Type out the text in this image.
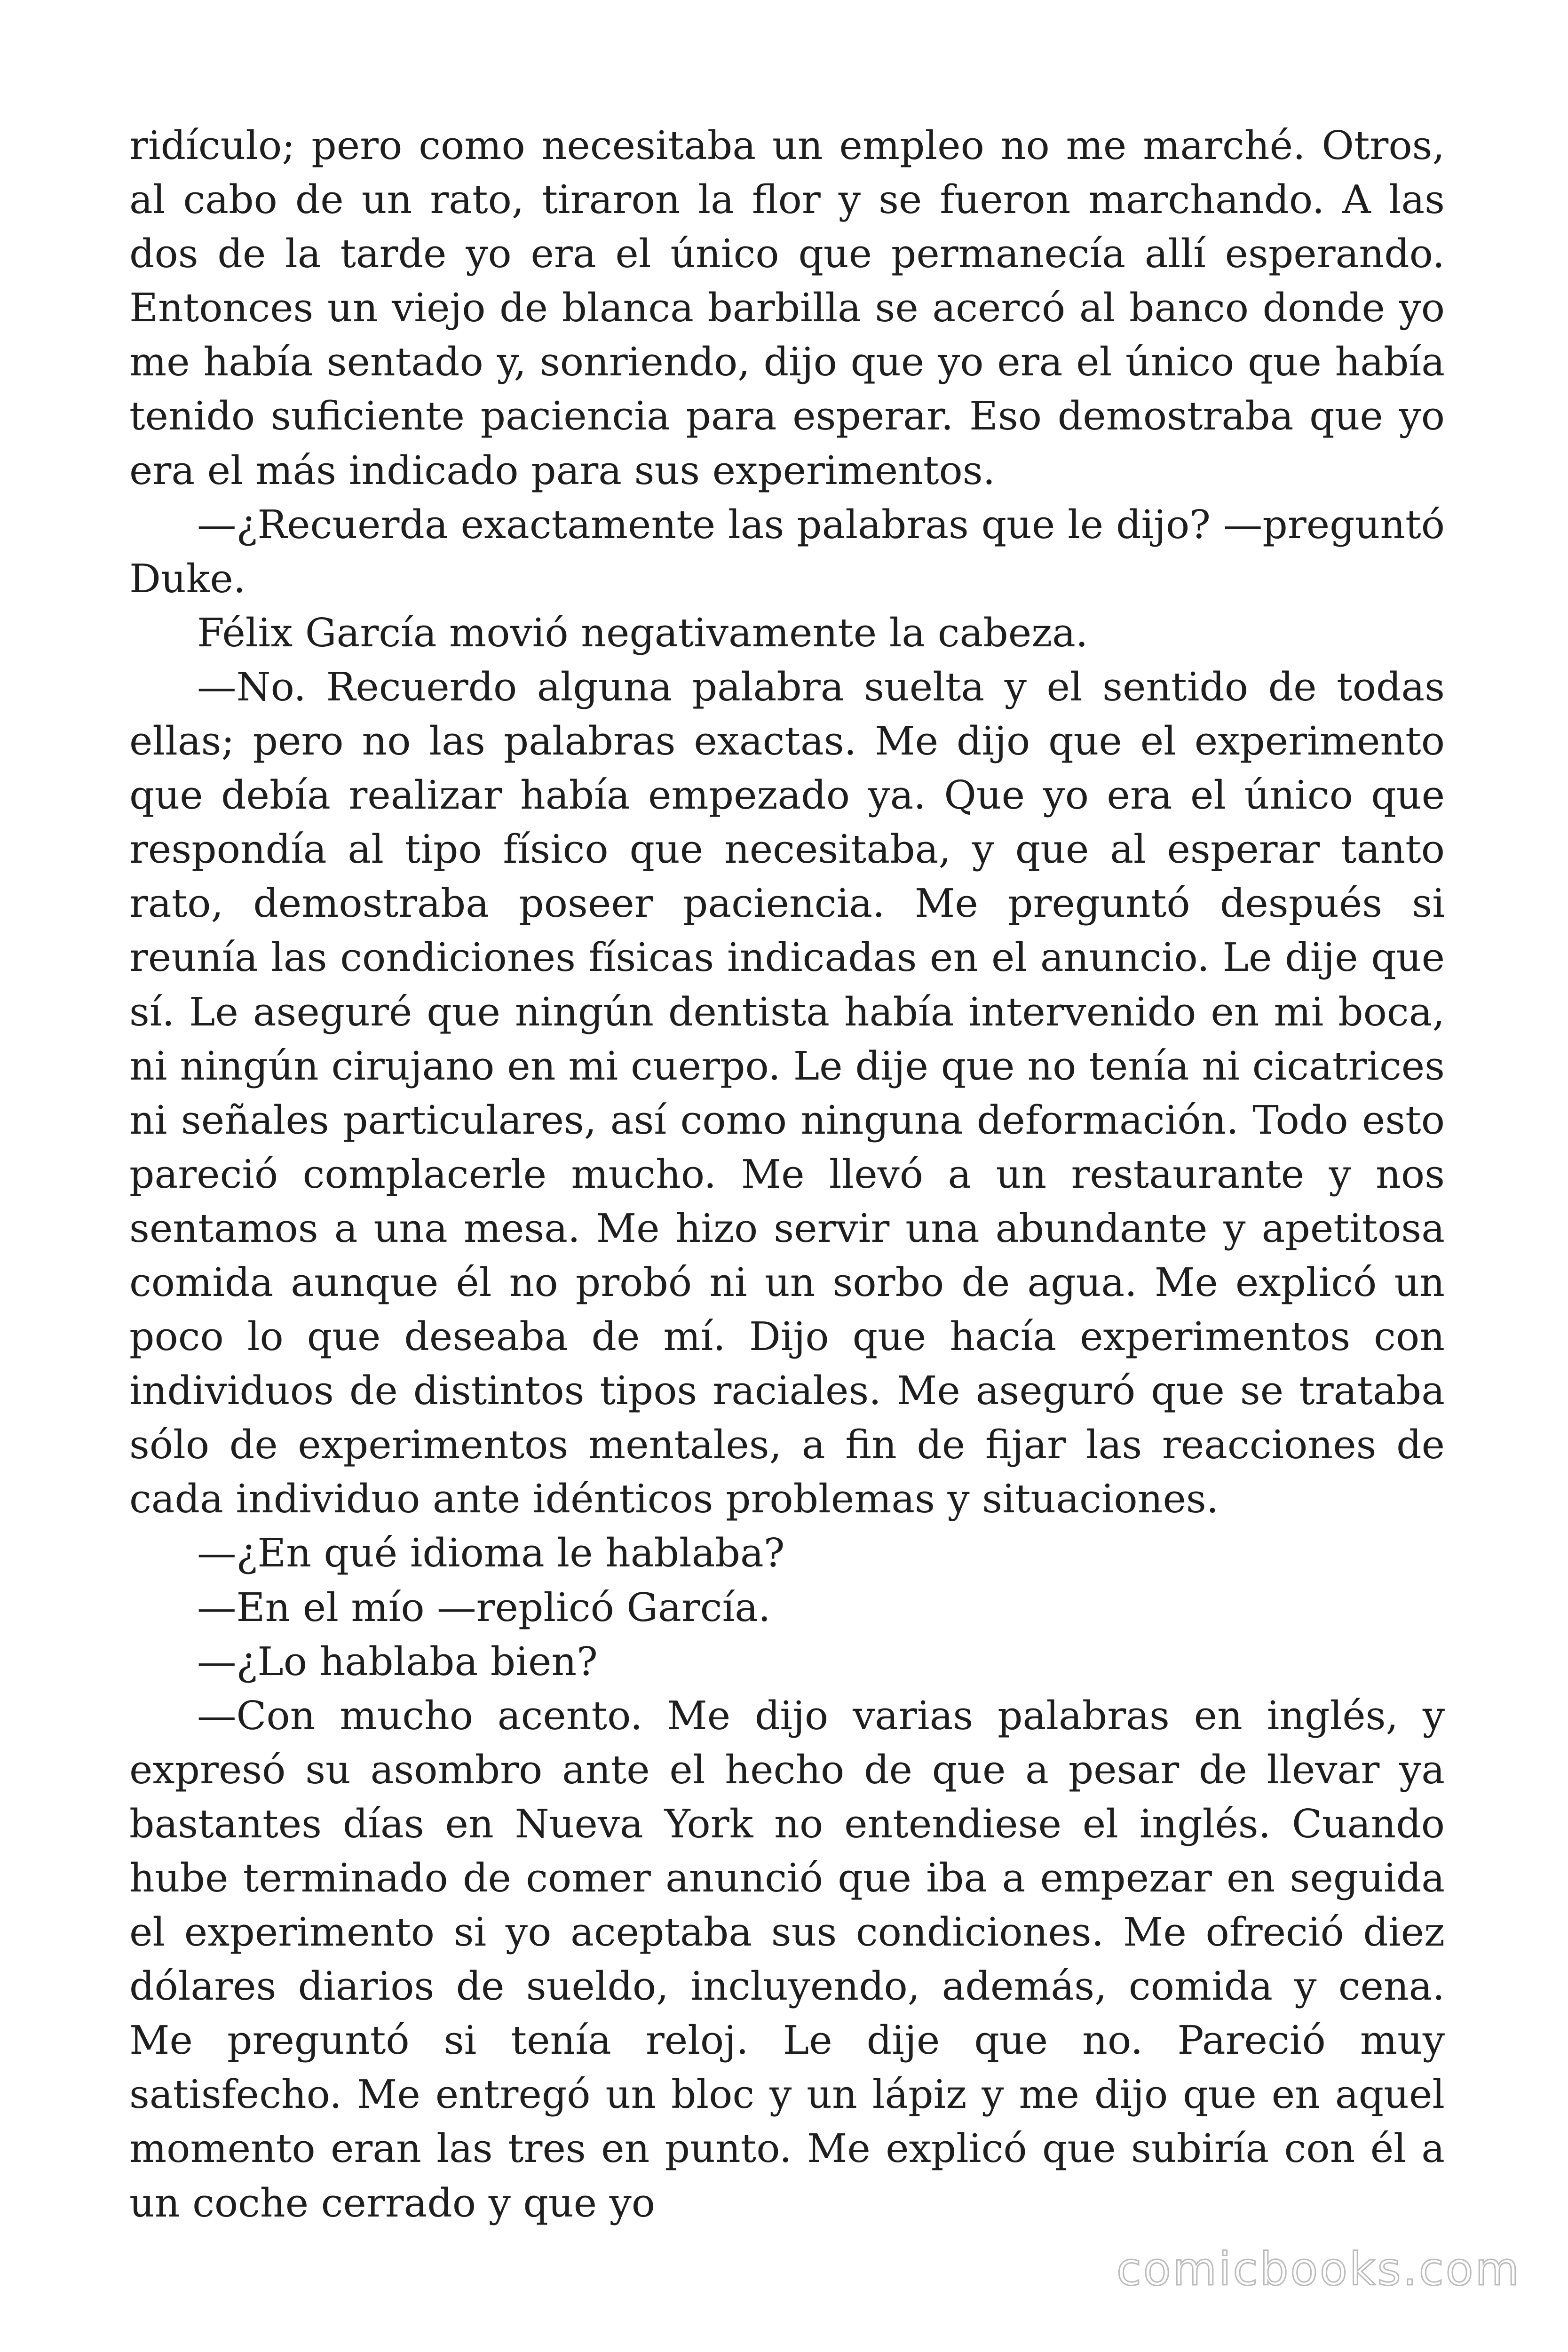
ridículo; pero como necesitaba un empleo no me marché. Otros, al cabo de un rato, tiraron la flor y se fueron marchando. A las dos de la tarde yo era el único que permanecía allí esperando. Entonces un viejo de blanca barbilla se acercó al banco donde yo me había sentado y, sonriendo, dijo que yo era el único que había tenido suficiente paciencia para esperar. Eso demostraba que yo era el más indicado para sus experimentos.

—¿Recuerda exactamente las palabras que le dijo? —preguntó Duke.

Félix García movió negativamente la cabeza.

—No. Recuerdo alguna palabra suelta y el sentido de todas ellas; pero no las palabras exactas. Me dijo que el experimento que debía realizar había empezado ya. Que yo era el único que respondía al tipo físico que necesitaba, y que al esperar tanto rato, demostraba poseer paciencia. Me preguntó después si reunía las condiciones físicas indicadas en el anuncio. Le dije que sí. Le aseguré que ningún dentista había intervenido en mi boca, ni ningún cirujano en mi cuerpo. Le dije que no tenía ni cicatrices ni señales particulares, así como ninguna deformación. Todo esto pareció complacerle mucho. Me llevó a un restaurante y nos sentamos a una mesa. Me hizo servir una abundante y apetitosa comida aunque él no probó ni un sorbo de agua. Me explicó un poco lo que deseaba de mí. Dijo que hacía experimentos con individuos de distintos tipos raciales. Me aseguró que se trataba sólo de experimentos mentales, a fin de fijar las reacciones de cada individuo ante idénticos problemas y situaciones.

—¿En qué idioma le hablaba?

—En el mío —replicó García.

—¿Lo hablaba bien?

—Con mucho acento. Me dijo varias palabras en inglés, y expresó su asombro ante el hecho de que a pesar de llevar ya bastantes días en Nueva York no entendiese el inglés. Cuando hube terminado de comer anunció que iba a empezar en seguida el experimento si yo aceptaba sus condiciones. Me ofreció diez dólares diarios de sueldo, incluyendo, además, comida y cena. Me preguntó si tenía reloj. Le dije que no. Pareció muy satisfecho. Me entregó un bloc y un lápiz y me dijo que en aquel momento eran las tres en punto. Me explicó que subiría con él a un coche cerrado y que yo

comicbooks.com
